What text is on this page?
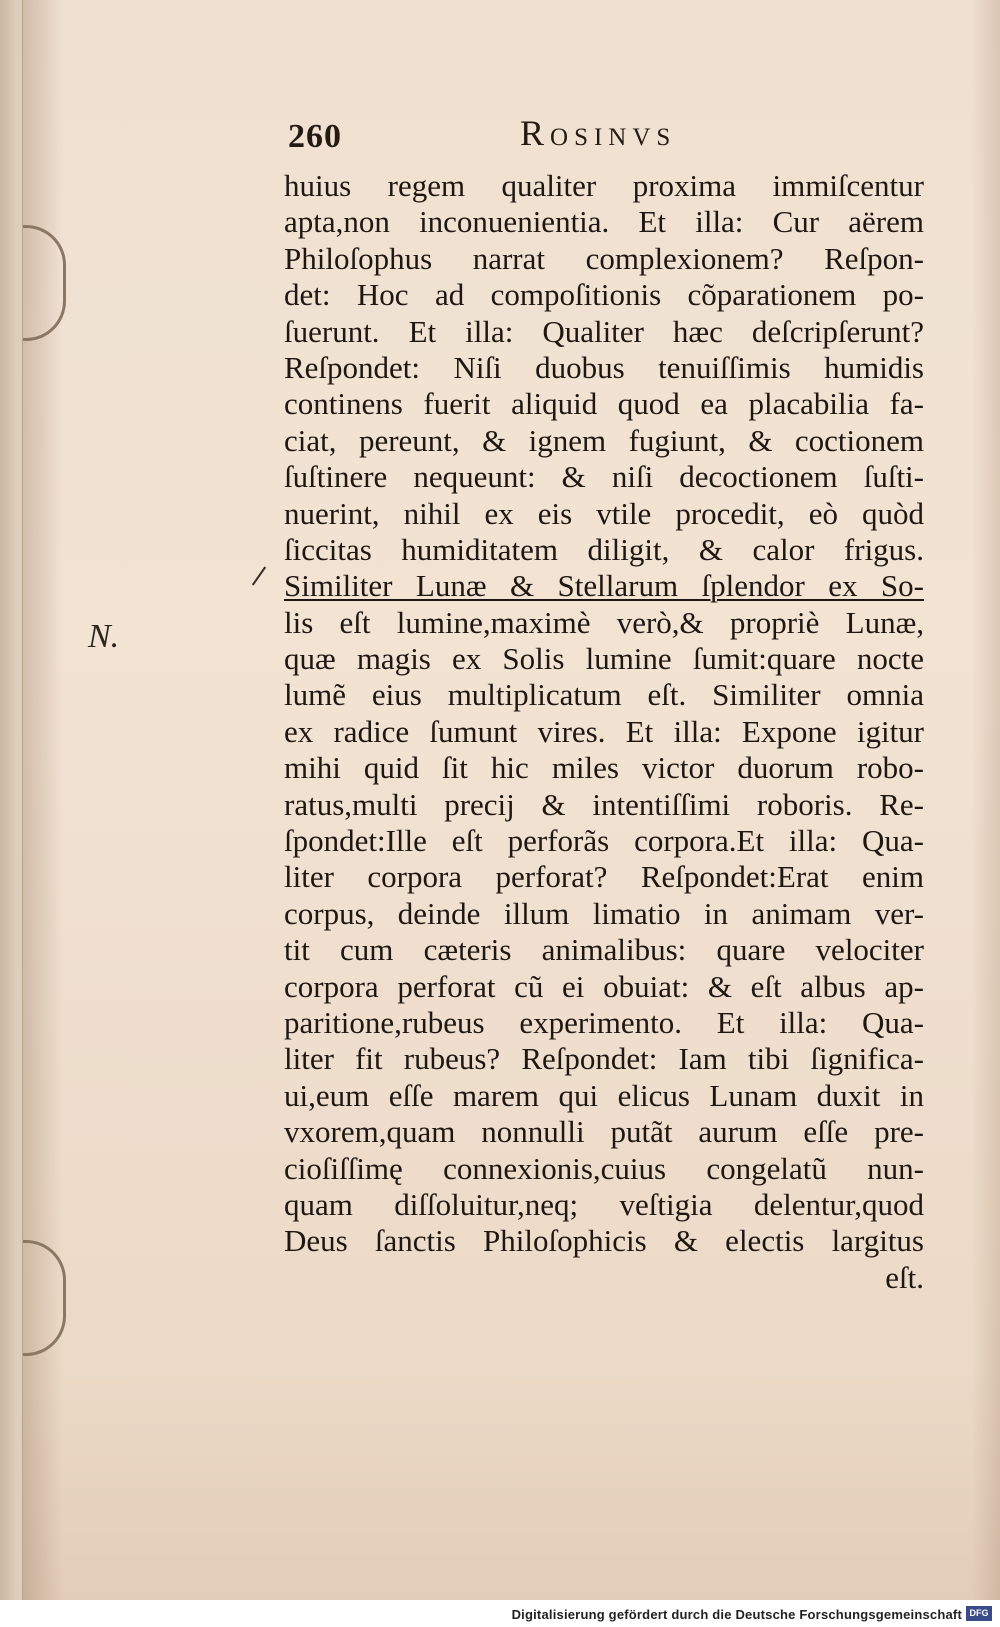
260	Rosinvs
N.
huius regem qualiter proxima immiſcentur
apta,non inconuenientia. Et illa: Cur aërem
Philoſophus narrat complexionem? Reſpon-
det: Hoc ad compoſitionis cõparationem po-
ſuerunt. Et illa: Qualiter hæc deſcripſerunt?
Reſpondet: Niſi duobus tenuiſſimis humidis
continens fuerit aliquid quod ea placabilia fa-
ciat, pereunt, & ignem fugiunt, & coctionem
ſuſtinere nequeunt: & niſi decoctionem ſuſti-
nuerint, nihil ex eis vtile procedit, eò quòd
ſiccitas humiditatem diligit, & calor frigus.
Similiter Lunæ & Stellarum ſplendor ex So-
lis eſt lumine,maximè verò,& propriè Lunæ,
quæ magis ex Solis lumine ſumit:quare nocte
lumẽ eius multiplicatum eſt. Similiter omnia
ex radice ſumunt vires. Et illa: Expone igitur
mihi quid ſit hic miles victor duorum robo-
ratus,multi precij & intentiſſimi roboris. Re-
ſpondet:Ille eſt perforãs corpora.Et illa: Qua-
liter corpora perforat? Reſpondet:Erat enim
corpus, deinde illum limatio in animam ver-
tit cum cæteris animalibus: quare velociter
corpora perforat cũ ei obuiat: & eſt albus ap-
paritione,rubeus experimento. Et illa: Qua-
liter fit rubeus? Reſpondet: Iam tibi ſignifica-
ui,eum eſſe marem qui elicus Lunam duxit in
vxorem,quam nonnulli putãt aurum eſſe pre-
cioſiſſimę connexionis,cuius congelatũ nun-
quam diſſoluitur,neq; veſtigia delentur,quod
Deus ſanctis Philoſophicis & electis largitus
eſt.
Digitalisierung gefördert durch die Deutsche Forschungsgemeinschaft DFG
